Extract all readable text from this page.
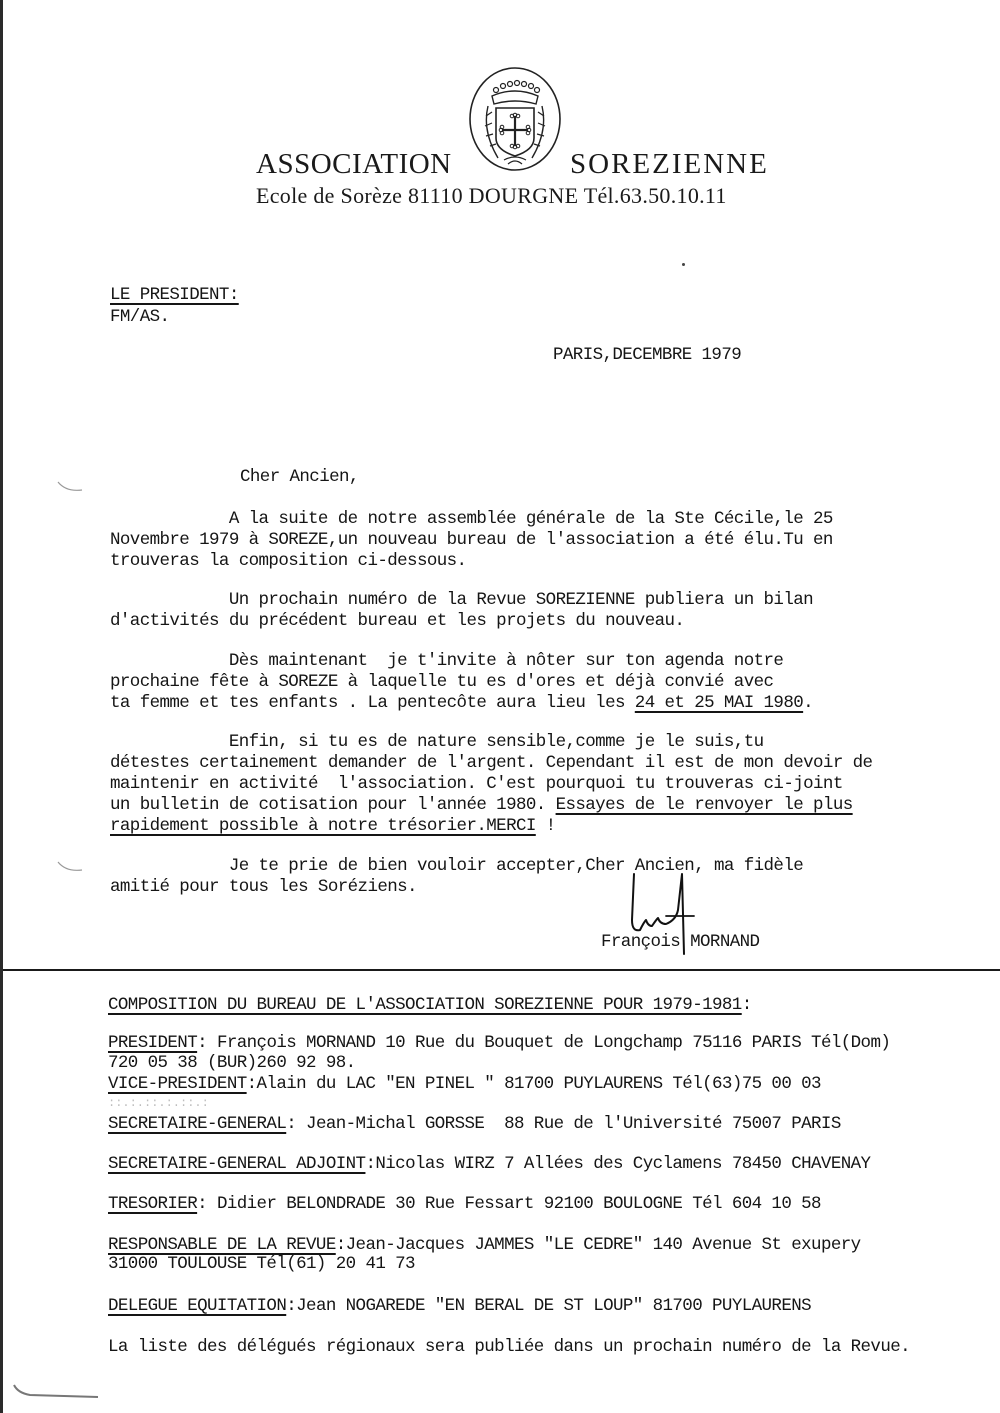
ASSOCIATION	SOREZIENNE
Ecole de Sorèze 81110 DOURGNE Tél.63.50.10.11
LE PRESIDENT:
FM/AS.
PARIS,DECEMBRE 1979
Cher Ancien,
A la suite de notre assemblée générale de la Ste Cécile,le 25
Novembre 1979 à SOREZE,un nouveau bureau de l'association a été élu.Tu en
trouveras la composition ci-dessous.
Un prochain numéro de la Revue SOREZIENNE publiera un bilan
d'activités du précédent bureau et les projets du nouveau.
Dès maintenant  je t'invite à nôter sur ton agenda notre
prochaine fête à SOREZE à laquelle tu es d'ores et déjà convié avec
ta femme et tes enfants . La pentecôte aura lieu les 24 et 25 MAI 1980.
Enfin, si tu es de nature sensible,comme je le suis,tu
détestes certainement demander de l'argent. Cependant il est de mon devoir de
maintenir en activité  l'association. C'est pourquoi tu trouveras ci-joint
un bulletin de cotisation pour l'année 1980. Essayes de le renvoyer le plus
rapidement possible à notre trésorier.MERCI !
Je te prie de bien vouloir accepter,Cher Ancien, ma fidèle
amitié pour tous les Soréziens.
François MORNAND
COMPOSITION DU BUREAU DE L'ASSOCIATION SOREZIENNE POUR 1979-1981:
PRESIDENT: François MORNAND 10 Rue du Bouquet de Longchamp 75116 PARIS Tél(Dom)
720 05 38 (BUR)260 92 98.
VICE-PRESIDENT:Alain du LAC "EN PINEL " 81700 PUYLAURENS Tél(63)75 00 03
::.:.::.:.::.:
SECRETAIRE-GENERAL: Jean-Michal GORSSE  88 Rue de l'Université 75007 PARIS
SECRETAIRE-GENERAL ADJOINT:Nicolas WIRZ 7 Allées des Cyclamens 78450 CHAVENAY
TRESORIER: Didier BELONDRADE 30 Rue Fessart 92100 BOULOGNE Tél 604 10 58
RESPONSABLE DE LA REVUE:Jean-Jacques JAMMES "LE CEDRE" 140 Avenue St exupery
31000 TOULOUSE Tél(61) 20 41 73
DELEGUE EQUITATION:Jean NOGAREDE "EN BERAL DE ST LOUP" 81700 PUYLAURENS
La liste des délégués régionaux sera publiée dans un prochain numéro de la Revue.
